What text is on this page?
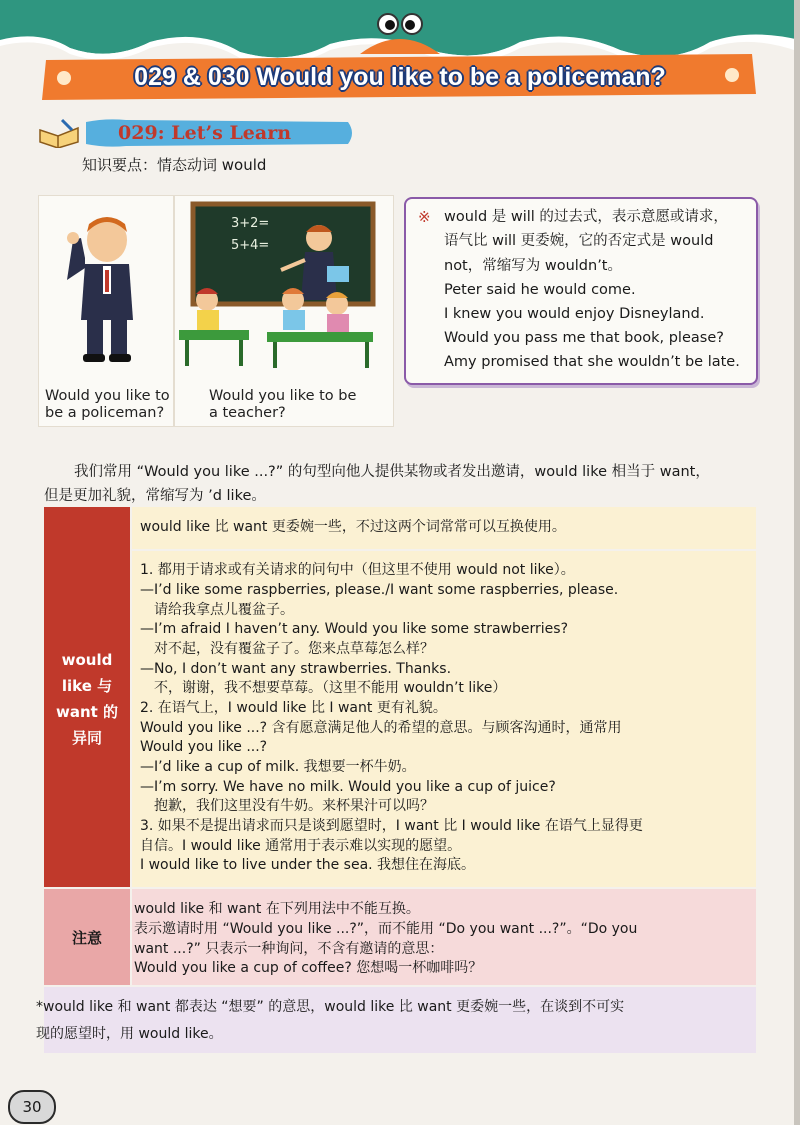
029 & 030 Would you like to be a policeman?
029: Let’s Learn
知识要点：情态动词 would
Would you like to
be a policeman?
3+2=
5+4=
Would you like to be
a teacher?
※ would 是 will 的过去式，表示意愿或请求，
语气比 will 更委婉，它的否定式是 would
not，常缩写为 wouldn’t。
Peter said he would come.
I knew you would enjoy Disneyland.
Would you pass me that book, please?
Amy promised that she wouldn’t be late.
我们常用 “Would you like ...?” 的句型向他人提供某物或者发出邀请，would like 相当于 want，
但是更加礼貌，常缩写为 ’d like。
would
like 与
want 的
异同
注意
would like 比 want 更委婉一些，不过这两个词常常可以互换使用。
1. 都用于请求或有关请求的问句中（但这里不使用 would not like）。
—I’d like some raspberries, please./I want some raspberries, please.
　请给我拿点儿覆盆子。
—I’m afraid I haven’t any. Would you like some strawberries?
　对不起，没有覆盆子了。您来点草莓怎么样？
—No, I don’t want any strawberries. Thanks.
　不，谢谢，我不想要草莓。（这里不能用 wouldn’t like）
2. 在语气上，I would like 比 I want 更有礼貌。
Would you like ...? 含有愿意满足他人的希望的意思。与顾客沟通时，通常用
Would you like ...?
—I’d like a cup of milk. 我想要一杯牛奶。
—I’m sorry. We have no milk. Would you like a cup of juice?
　抱歉，我们这里没有牛奶。来杯果汁可以吗？
3. 如果不是提出请求而只是谈到愿望时，I want 比 I would like 在语气上显得更
自信。I would like 通常用于表示难以实现的愿望。
I would like to live under the sea. 我想住在海底。
would like 和 want 在下列用法中不能互换。
表示邀请时用 “Would you like ...?”，而不能用 “Do you want ...?”。“Do you
want ...?” 只表示一种询问，不含有邀请的意思：
Would you like a cup of coffee? 您想喝一杯咖啡吗？
*would like 和 want 都表达 “想要” 的意思，would like 比 want 更委婉一些，在谈到不可实
现的愿望时，用 would like。
30
